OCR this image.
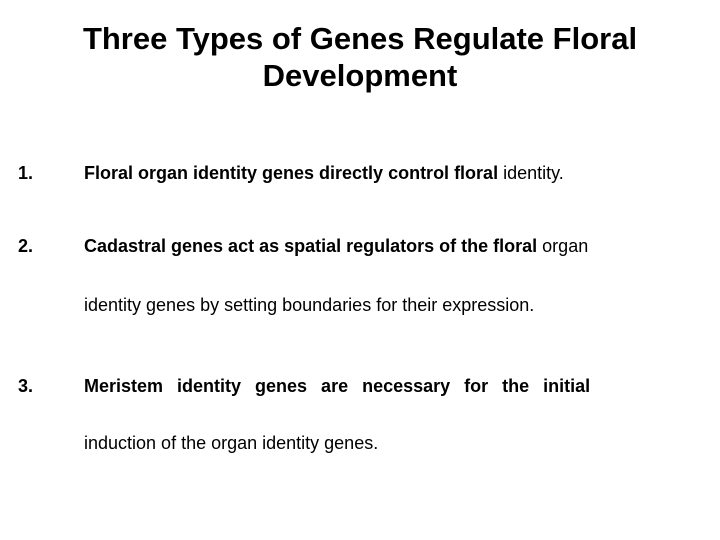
Three Types of Genes Regulate Floral
Development
1.	Floral organ identity genes directly control floral identity.
2.	Cadastral genes act as spatial regulators of the floral organ
identity genes by setting boundaries for their expression.
3.	Meristem identity genes are necessary for the initial
induction of the organ identity genes.
